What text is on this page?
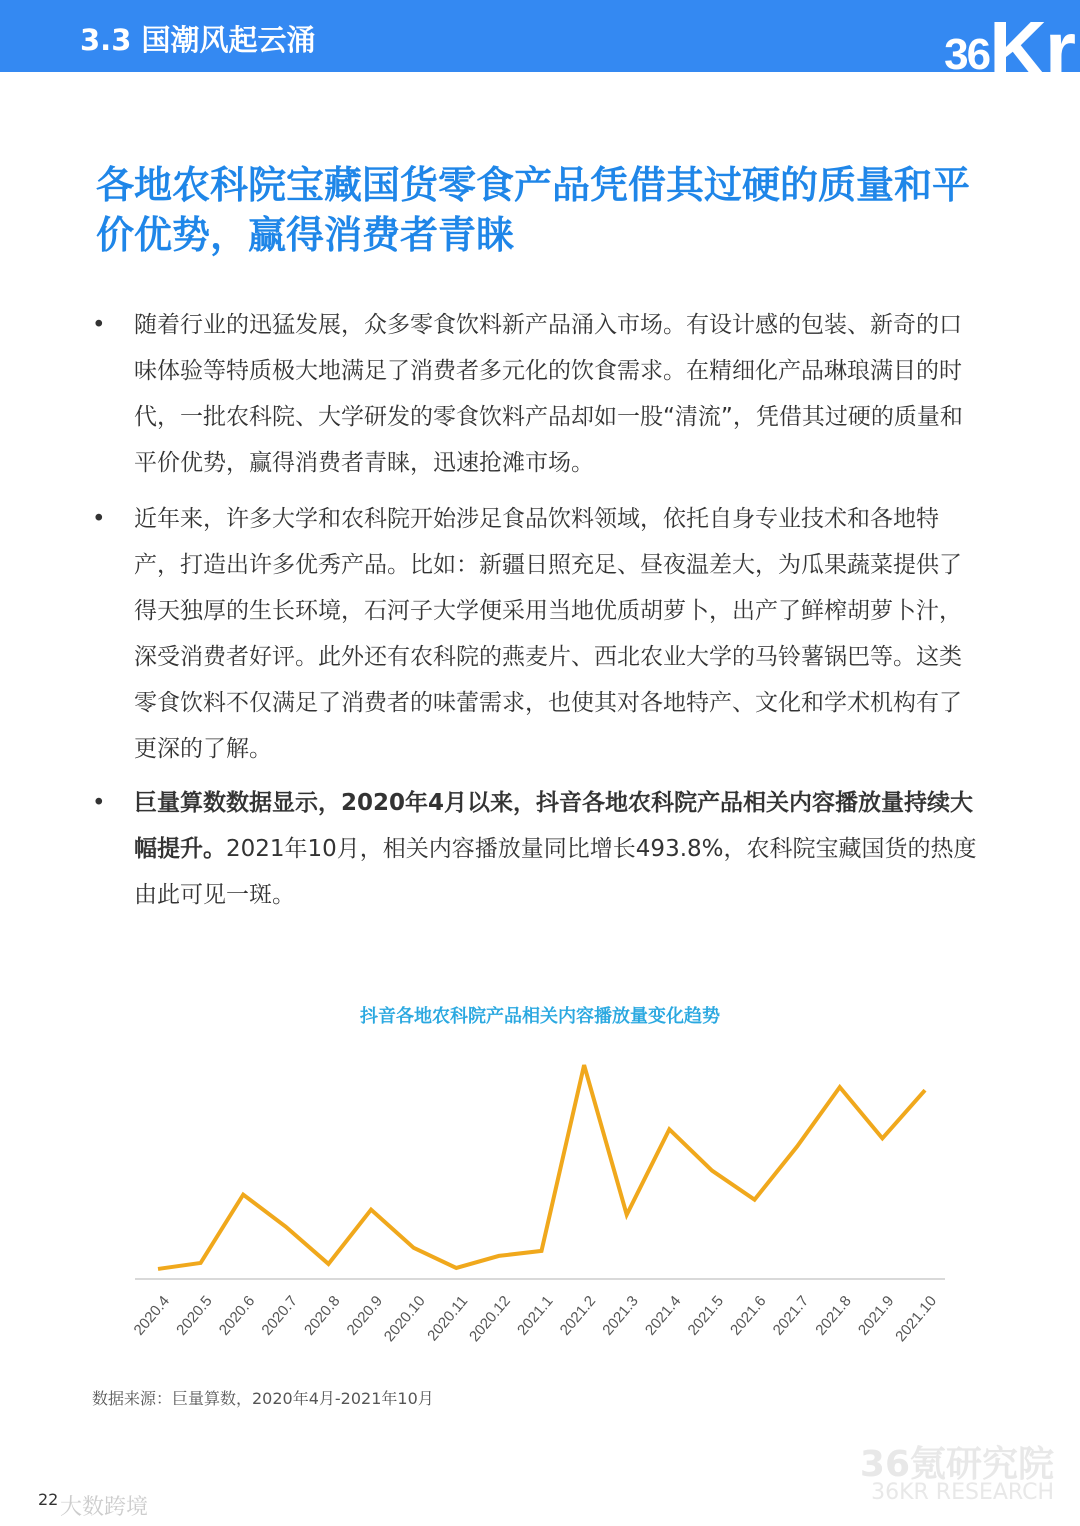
3.3 国潮风起云涌	36Kr
各地农科院宝藏国货零食产品凭借其过硬的质量和平价优势，赢得消费者青睐
• 随着行业的迅猛发展，众多零食饮料新产品涌入市场。有设计感的包装、新奇的口味体验等特质极大地满足了消费者多元化的饮食需求。在精细化产品琳琅满目的时代，一批农科院、大学研发的零食饮料产品却如一股“清流”，凭借其过硬的质量和平价优势，赢得消费者青睐，迅速抢滩市场。
• 近年来，许多大学和农科院开始涉足食品饮料领域，依托自身专业技术和各地特产，打造出许多优秀产品。比如：新疆日照充足、昼夜温差大，为瓜果蔬菜提供了得天独厚的生长环境，石河子大学便采用当地优质胡萝卜，出产了鲜榨胡萝卜汁，深受消费者好评。此外还有农科院的燕麦片、西北农业大学的马铃薯锅巴等。这类零食饮料不仅满足了消费者的味蕾需求，也使其对各地特产、文化和学术机构有了更深的了解。
• 巨量算数数据显示，2020年4月以来，抖音各地农科院产品相关内容播放量持续大幅提升。2021年10月，相关内容播放量同比增长493.8%，农科院宝藏国货的热度由此可见一斑。
抖音各地农科院产品相关内容播放量变化趋势
2020.4 2020.5 2020.6 2020.7 2020.8 2020.9
2020.10
2020.11
2020.12 2021.1 2021.2 2021.3 2021.4 2021.5 2021.6 2021.7 2021.8 2021.9
2021.10
数据来源：巨量算数，2020年4月-2021年10月
36氪研究院
36KR RESEARCH
大数跨境
22
